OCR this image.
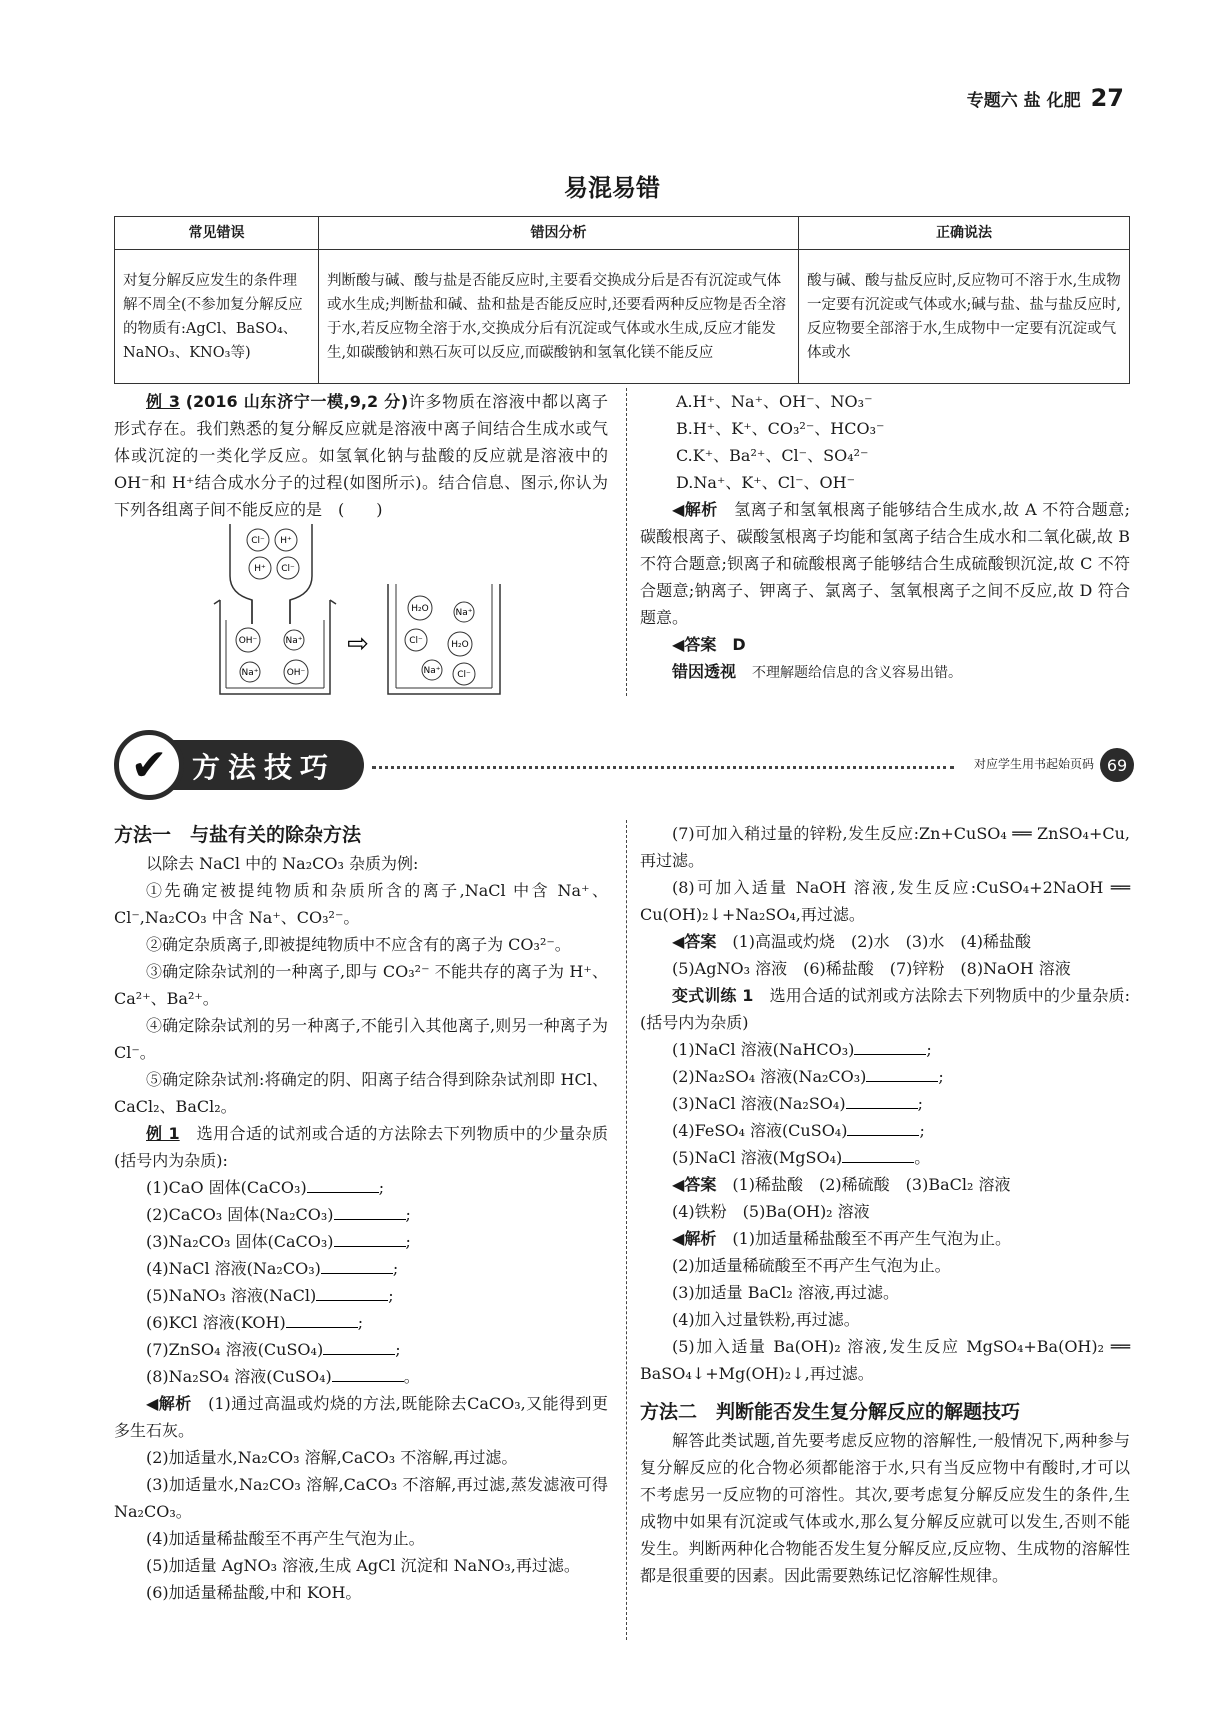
专题六 盐 化肥 27
易混易错
常见错误	错因分析	正确说法
对复分解反应发生的条件理解不周全(不参加复分解反应的物质有:AgCl、BaSO₄、NaNO₃、KNO₃等)	判断酸与碱、酸与盐是否能反应时,主要看交换成分后是否有沉淀或气体或水生成;判断盐和碱、盐和盐是否能反应时,还要看两种反应物是否全溶于水,若反应物全溶于水,交换成分后有沉淀或气体或水生成,反应才能发生,如碳酸钠和熟石灰可以反应,而碳酸钠和氢氧化镁不能反应	酸与碱、酸与盐反应时,反应物可不溶于水,生成物一定要有沉淀或气体或水;碱与盐、盐与盐反应时,反应物要全部溶于水,生成物中一定要有沉淀或气体或水

例 3 (2016 山东济宁一模,9,2 分)许多物质在溶液中都以离子形式存在。我们熟悉的复分解反应就是溶液中离子间结合生成水或气体或沉淀的一类化学反应。如氢氧化钠与盐酸的反应就是溶液中的 OH⁻和 H⁺结合成水分子的过程(如图所示)。结合信息、图示,你认为下列各组离子间不能反应的是　(　　)

Cl⁻ H⁺
H⁺ Cl⁻
OH⁻	Na⁺
Na⁺	OH⁻
H₂O	Na⁺
Cl⁻	H₂O
Na⁺ Cl⁻
⇨

A.H⁺、Na⁺、OH⁻、NO₃⁻

B.H⁺、K⁺、CO₃²⁻、HCO₃⁻

C.K⁺、Ba²⁺、Cl⁻、SO₄²⁻

D.Na⁺、K⁺、Cl⁻、OH⁻

◀解析　 氢离子和氢氧根离子能够结合生成水,故 A 不符合题意;碳酸根离子、碳酸氢根离子均能和氢离子结合生成水和二氧化碳,故 B 不符合题意;钡离子和硫酸根离子能够结合生成硫酸钡沉淀,故 C 不符合题意;钠离子、钾离子、氯离子、氢氧根离子之间不反应,故 D 符合题意。

◀答案　 D

错因透视　 不理解题给信息的含义容易出错。

✔ 方法技巧	对应学生用书起始页码 69

方法一　与盐有关的除杂方法

以除去 NaCl 中的 Na₂CO₃ 杂质为例:

①先确定被提纯物质和杂质所含的离子,NaCl 中含 Na⁺、Cl⁻,Na₂CO₃ 中含 Na⁺、CO₃²⁻。

②确定杂质离子,即被提纯物质中不应含有的离子为 CO₃²⁻。

③确定除杂试剂的一种离子,即与 CO₃²⁻ 不能共存的离子为 H⁺、Ca²⁺、Ba²⁺。

④确定除杂试剂的另一种离子,不能引入其他离子,则另一种离子为 Cl⁻。

⑤确定除杂试剂:将确定的阴、阳离子结合得到除杂试剂即 HCl、CaCl₂、BaCl₂。

例 1　 选用合适的试剂或合适的方法除去下列物质中的少量杂质(括号内为杂质):

(1)CaO 固体(CaCO₃)	;

(2)CaCO₃ 固体(Na₂CO₃)	;

(3)Na₂CO₃ 固体(CaCO₃)	;

(4)NaCl 溶液(Na₂CO₃)	;

(5)NaNO₃ 溶液(NaCl)	;

(6)KCl 溶液(KOH)	;

(7)ZnSO₄ 溶液(CuSO₄)	;

(8)Na₂SO₄ 溶液(CuSO₄)	。

◀解析　 (1)通过高温或灼烧的方法,既能除去CaCO₃,又能得到更多生石灰。

(2)加适量水,Na₂CO₃ 溶解,CaCO₃ 不溶解,再过滤。

(3)加适量水,Na₂CO₃ 溶解,CaCO₃ 不溶解,再过滤,蒸发滤液可得 Na₂CO₃。

(4)加适量稀盐酸至不再产生气泡为止。

(5)加适量 AgNO₃ 溶液,生成 AgCl 沉淀和 NaNO₃,再过滤。

(6)加适量稀盐酸,中和 KOH。

(7)可加入稍过量的锌粉,发生反应:Zn+CuSO₄ ══ ZnSO₄+Cu,再过滤。

(8)可加入适量 NaOH 溶液,发生反应:CuSO₄+2NaOH ══ Cu(OH)₂↓+Na₂SO₄,再过滤。

◀答案　 (1)高温或灼烧　(2)水　(3)水　(4)稀盐酸

(5)AgNO₃ 溶液　(6)稀盐酸　(7)锌粉　(8)NaOH 溶液

变式训练 1　 选用合适的试剂或方法除去下列物质中的少量杂质:(括号内为杂质)

(1)NaCl 溶液(NaHCO₃)	;

(2)Na₂SO₄ 溶液(Na₂CO₃)	;

(3)NaCl 溶液(Na₂SO₄)	;

(4)FeSO₄ 溶液(CuSO₄)	;

(5)NaCl 溶液(MgSO₄)	。

◀答案　 (1)稀盐酸　(2)稀硫酸　(3)BaCl₂ 溶液

(4)铁粉　(5)Ba(OH)₂ 溶液

◀解析　 (1)加适量稀盐酸至不再产生气泡为止。

(2)加适量稀硫酸至不再产生气泡为止。

(3)加适量 BaCl₂ 溶液,再过滤。

(4)加入过量铁粉,再过滤。

(5)加入适量 Ba(OH)₂ 溶液,发生反应 MgSO₄+Ba(OH)₂ ══ BaSO₄↓+Mg(OH)₂↓,再过滤。

方法二　判断能否发生复分解反应的解题技巧

解答此类试题,首先要考虑反应物的溶解性,一般情况下,两种参与复分解反应的化合物必须都能溶于水,只有当反应物中有酸时,才可以不考虑另一反应物的可溶性。其次,要考虑复分解反应发生的条件,生成物中如果有沉淀或气体或水,那么复分解反应就可以发生,否则不能发生。判断两种化合物能否发生复分解反应,反应物、生成物的溶解性都是很重要的因素。因此需要熟练记忆溶解性规律。
